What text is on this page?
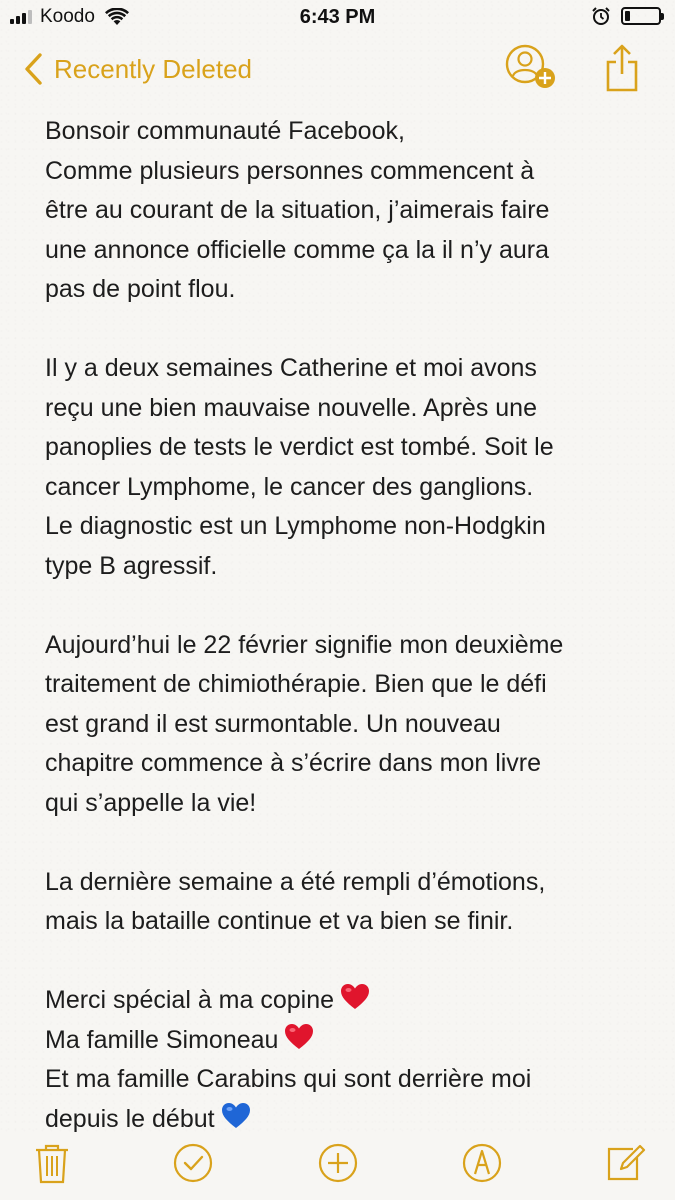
Koodo	6:43 PM
Recently Deleted

Bonsoir communauté Facebook,

Comme plusieurs personnes commencent à

être au courant de la situation, j’aimerais faire

une annonce officielle comme ça la il n’y aura

pas de point flou.

Il y a deux semaines Catherine et moi avons

reçu une bien mauvaise nouvelle. Après une

panoplies de tests le verdict est tombé. Soit le

cancer Lymphome, le cancer des ganglions.

Le diagnostic est un Lymphome non-Hodgkin

type B agressif.

Aujourd’hui le 22 février signifie mon deuxième

traitement de chimiothérapie. Bien que le défi

est grand il est surmontable. Un nouveau

chapitre commence à s’écrire dans mon livre

qui s’appelle la vie!

La dernière semaine a été rempli d’émotions,

mais la bataille continue et va bien se finir.

Merci spécial à ma copine

Ma famille Simoneau

Et ma famille Carabins qui sont derrière moi

depuis le début
